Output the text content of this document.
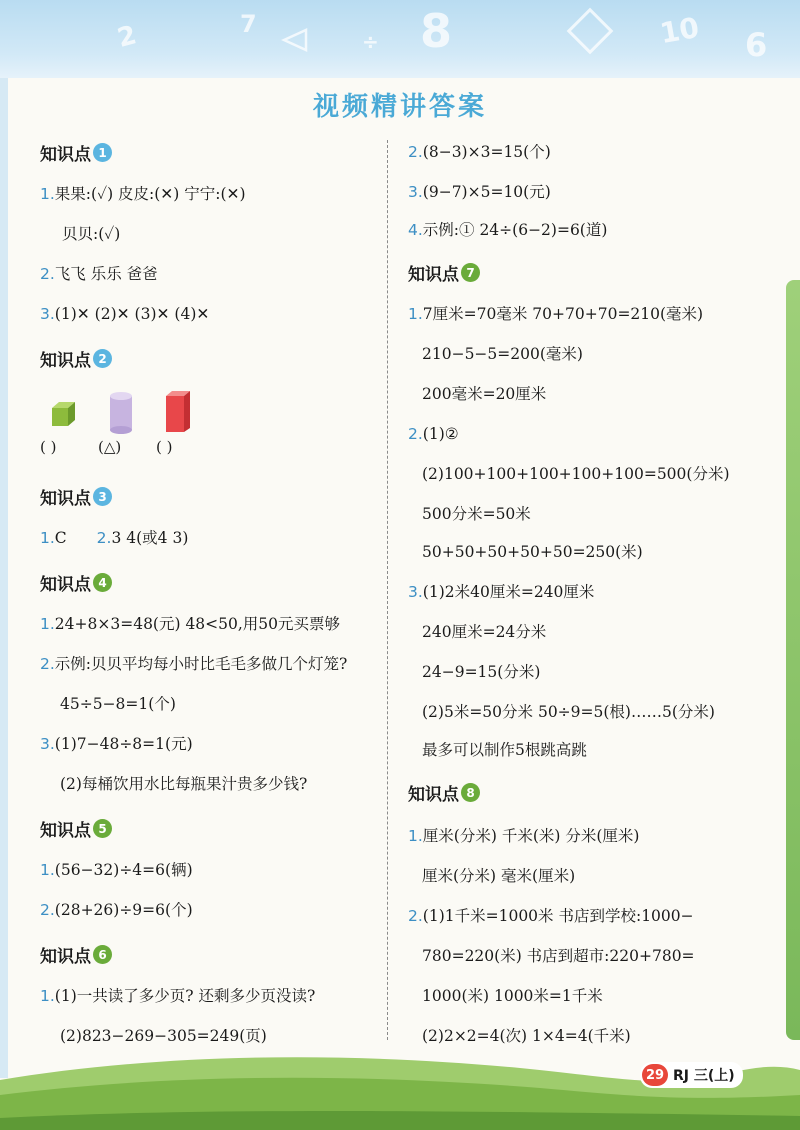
2	8	10 6
7
÷
视频精讲答案
知识点 1
1.果果:(✓) 皮皮:(✕) 宁宁:(✕)
贝贝:(✓)
2.飞飞 乐乐 爸爸
3.(1)✕ (2)✕ (3)✕ (4)✕
知识点 2
( )	(△) ( )
知识点 3
1.C 2.3 4(或4 3)
知识点 4
1.24+8×3=48(元) 48<50,用50元买票够
2.示例:贝贝平均每小时比毛毛多做几个灯笼?
45÷5−8=1(个)
3.(1)7−48÷8=1(元)
(2)每桶饮用水比每瓶果汁贵多少钱?
知识点 5
1.(56−32)÷4=6(辆)
2.(28+26)÷9=6(个)
知识点 6
1.(1)一共读了多少页? 还剩多少页没读?
(2)823−269−305=249(页)
2.(8−3)×3=15(个)
3.(9−7)×5=10(元)
4.示例:① 24÷(6−2)=6(道)
知识点 7
1.7厘米=70毫米 70+70+70=210(毫米)
210−5−5=200(毫米)
200毫米=20厘米
2.(1)②
(2)100+100+100+100+100=500(分米)
500分米=50米
50+50+50+50+50=250(米)
3.(1)2米40厘米=240厘米
240厘米=24分米
24−9=15(分米)
(2)5米=50分米 50÷9=5(根)……5(分米)
最多可以制作5根跳高跳
知识点 8
1.厘米(分米) 千米(米) 分米(厘米)
厘米(分米) 毫米(厘米)
2.(1)1千米=1000米 书店到学校:1000−
780=220(米) 书店到超市:220+780=
1000(米) 1000米=1千米
(2)2×2=4(次) 1×4=4(千米)
29 RJ 三(上)
